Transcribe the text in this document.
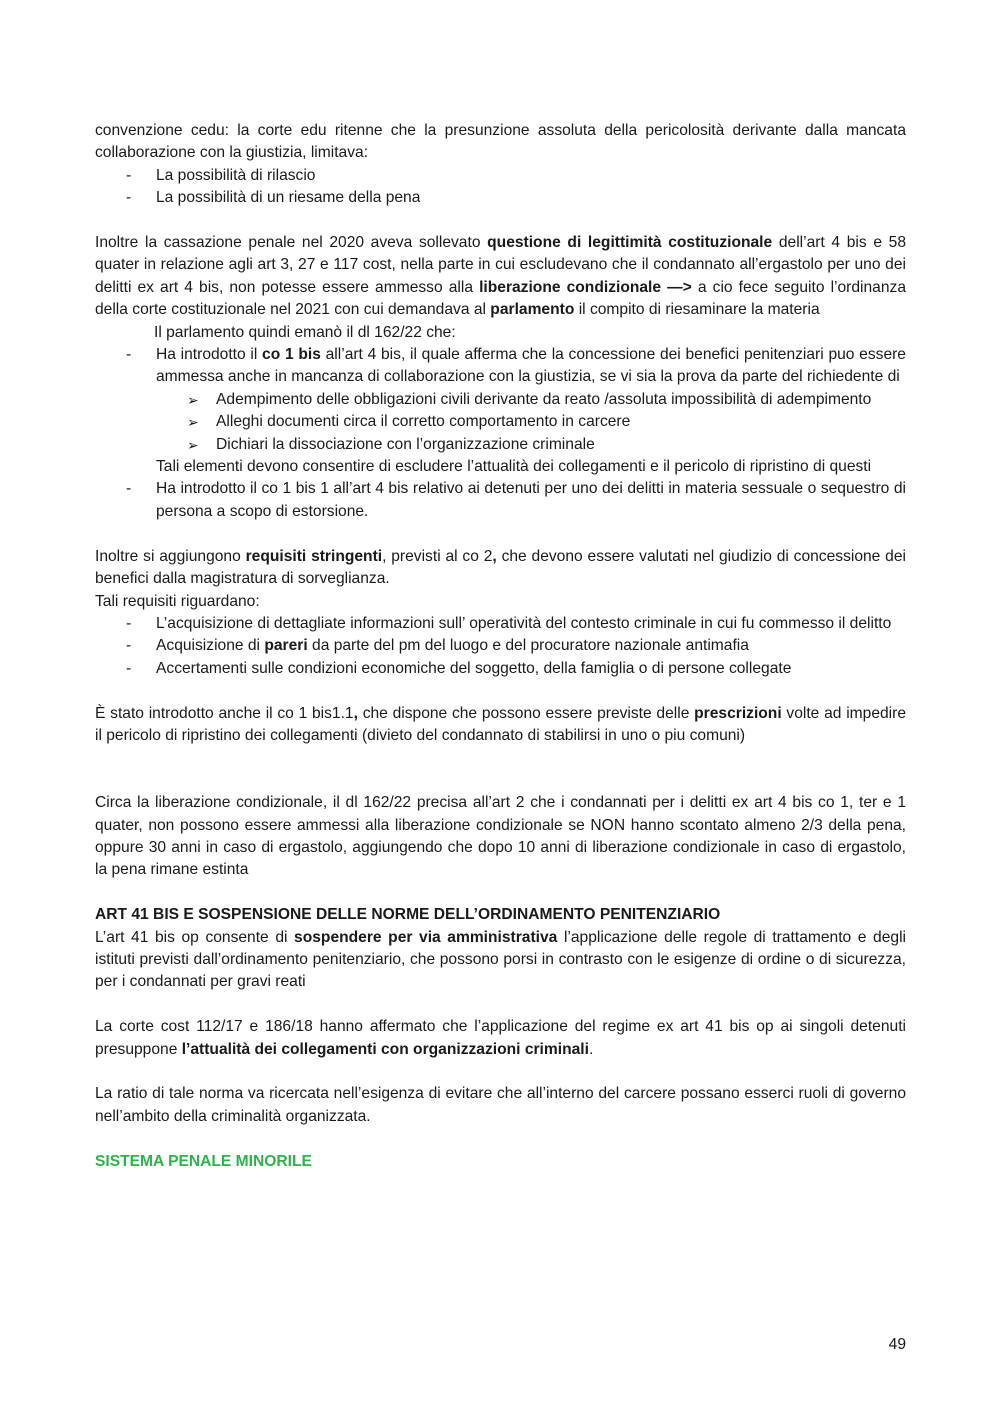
convenzione cedu: la corte edu ritenne che la presunzione assoluta della pericolosità derivante dalla mancata collaborazione con la giustizia, limitava:

- La possibilità di rilascio
- La possibilità di un riesame della pena

Inoltre la cassazione penale nel 2020 aveva sollevato questione di legittimità costituzionale dell’art 4 bis e 58 quater in relazione agli art 3, 27 e 117 cost, nella parte in cui escludevano che il condannato all’ergastolo per uno dei delitti ex art 4 bis, non potesse essere ammesso alla liberazione condizionale —> a cio fece seguito l’ordinanza della corte costituzionale nel 2021 con cui demandava al parlamento il compito di riesaminare la materia

Il parlamento quindi emanò il dl 162/22 che:

- Ha introdotto il co 1 bis all’art 4 bis, il quale afferma che la concessione dei benefici penitenziari puo essere ammessa anche in mancanza di collaborazione con la giustizia, se vi sia la prova da parte del richiedente di
➢ Adempimento delle obbligazioni civili derivante da reato /assoluta impossibilità di adempimento
➢ Alleghi documenti circa il corretto comportamento in carcere
➢ Dichiari la dissociazione con l’organizzazione criminale
Tali elementi devono consentire di escludere l’attualità dei collegamenti e il pericolo di ripristino di questi
- Ha introdotto il co 1 bis 1 all’art 4 bis relativo ai detenuti per uno dei delitti in materia sessuale o sequestro di persona a scopo di estorsione.

Inoltre si aggiungono requisiti stringenti, previsti al co 2, che devono essere valutati nel giudizio di concessione dei benefici dalla magistratura di sorveglianza.

Tali requisiti riguardano:

- L’acquisizione di dettagliate informazioni sull’ operatività del contesto criminale in cui fu commesso il delitto
- Acquisizione di pareri da parte del pm del luogo e del procuratore nazionale antimafia
- Accertamenti sulle condizioni economiche del soggetto, della famiglia o di persone collegate

È stato introdotto anche il co 1 bis1.1, che dispone che possono essere previste delle prescrizioni volte ad impedire il pericolo di ripristino dei collegamenti (divieto del condannato di stabilirsi in uno o piu comuni)

Circa la liberazione condizionale, il dl 162/22 precisa all’art 2 che i condannati per i delitti ex art 4 bis co 1, ter e 1 quater, non possono essere ammessi alla liberazione condizionale se NON hanno scontato almeno 2/3 della pena, oppure 30 anni in caso di ergastolo, aggiungendo che dopo 10 anni di liberazione condizionale in caso di ergastolo, la pena rimane estinta

ART 41 BIS E SOSPENSIONE DELLE NORME DELL’ORDINAMENTO PENITENZIARIO

L’art 41 bis op consente di sospendere per via amministrativa l’applicazione delle regole di trattamento e degli istituti previsti dall’ordinamento penitenziario, che possono porsi in contrasto con le esigenze di ordine o di sicurezza, per i condannati per gravi reati

La corte cost 112/17 e 186/18 hanno affermato che l’applicazione del regime ex art 41 bis op ai singoli detenuti presuppone l’attualità dei collegamenti con organizzazioni criminali.

La ratio di tale norma va ricercata nell’esigenza di evitare che all’interno del carcere possano esserci ruoli di governo nell’ambito della criminalità organizzata.

SISTEMA PENALE MINORILE

49
